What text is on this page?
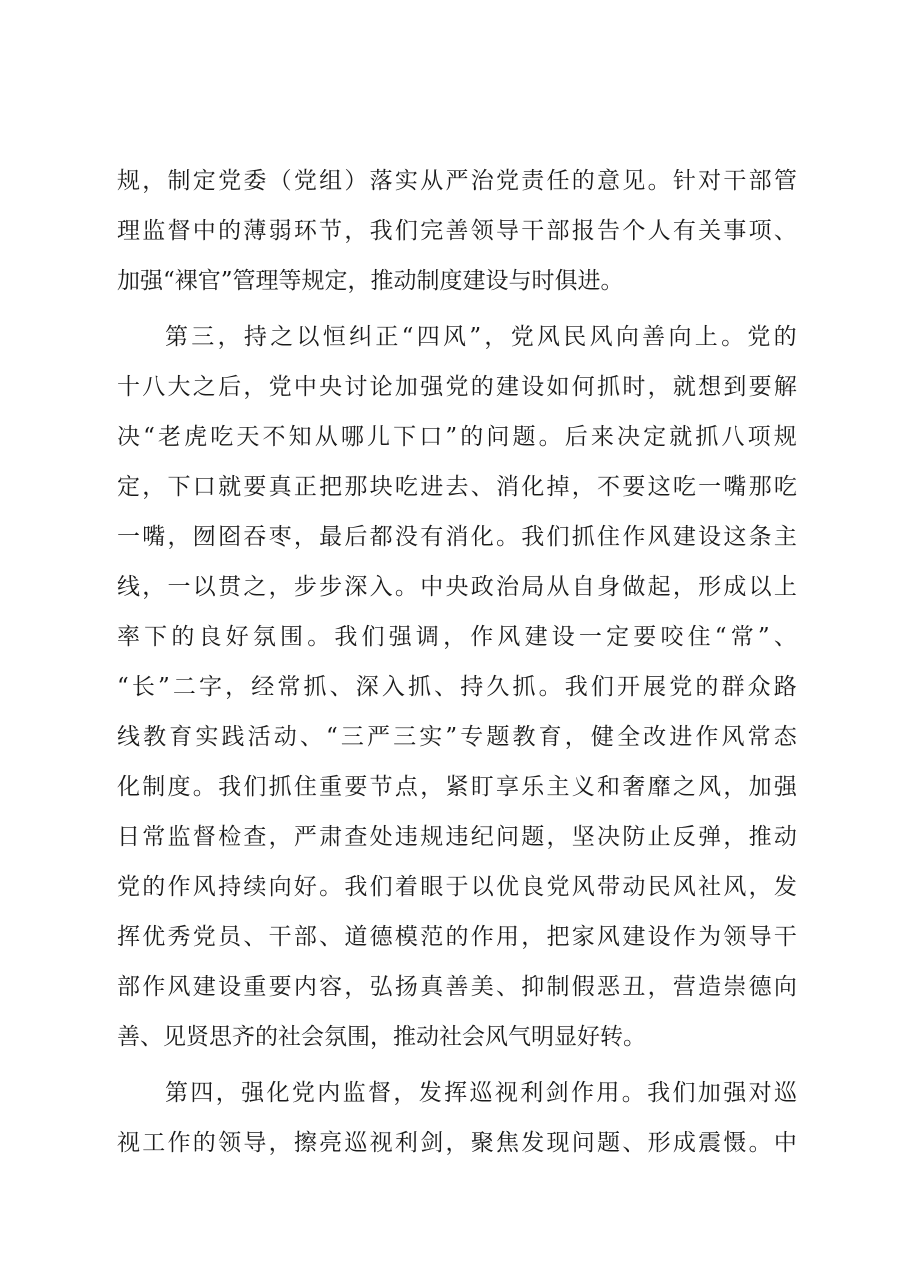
规 ， 制 定 党 委 （ 党 组 ） 落 实 从 严 治 党 责 任 的 意 见 。 针 对 干 部 管
理 监 督 中 的 薄 弱 环 节 ， 我 们 完 善 领 导 干 部 报 告 个 人 有 关 事 项 、
加强“裸官”管理等规定，推动制度建设与时俱进。
第 三 ， 持 之 以 恒 纠 正 “ 四 风 ” ， 党 风 民 风 向 善 向 上 。 党 的
十 八 大 之 后 ， 党 中 央 讨 论 加 强 党 的 建 设 如 何 抓 时 ， 就 想 到 要 解
决 “ 老 虎 吃 天 不 知 从 哪 儿 下 口 ” 的 问 题 。 后 来 决 定 就 抓 八 项 规
定 ， 下 口 就 要 真 正 把 那 块 吃 进 去 、 消 化 掉 ， 不 要 这 吃 一 嘴 那 吃
一 嘴 ， 囫 囵 吞 枣 ， 最 后 都 没 有 消 化 。 我 们 抓 住 作 风 建 设 这 条 主
线 ， 一 以 贯 之 ， 步 步 深 入 。 中 央 政 治 局 从 自 身 做 起 ， 形 成 以 上
率 下 的 良 好 氛 围 。 我 们 强 调 ， 作 风 建 设 一 定 要 咬 住 “ 常 ” 、
“ 长 ” 二 字 ， 经 常 抓 、 深 入 抓 、 持 久 抓 。 我 们 开 展 党 的 群 众 路
线 教 育 实 践 活 动 、 “ 三 严 三 实 ” 专 题 教 育 ， 健 全 改 进 作 风 常 态
化 制 度 。 我 们 抓 住 重 要 节 点 ， 紧 盯 享 乐 主 义 和 奢 靡 之 风 ， 加 强
日 常 监 督 检 查 ， 严 肃 查 处 违 规 违 纪 问 题 ， 坚 决 防 止 反 弹 ， 推 动
党 的 作 风 持 续 向 好 。 我 们 着 眼 于 以 优 良 党 风 带 动 民 风 社 风 ， 发
挥 优 秀 党 员 、 干 部 、 道 德 模 范 的 作 用 ， 把 家 风 建 设 作 为 领 导 干
部 作 风 建 设 重 要 内 容 ， 弘 扬 真 善 美 、 抑 制 假 恶 丑 ， 营 造 崇 德 向
善、见贤思齐的社会氛围，推动社会风气明显好转。
第 四 ， 强 化 党 内 监 督 ， 发 挥 巡 视 利 剑 作 用 。 我 们 加 强 对 巡
视 工 作 的 领 导 ， 擦 亮 巡 视 利 剑 ， 聚 焦 发 现 问 题 、 形 成 震 慑 。 中
